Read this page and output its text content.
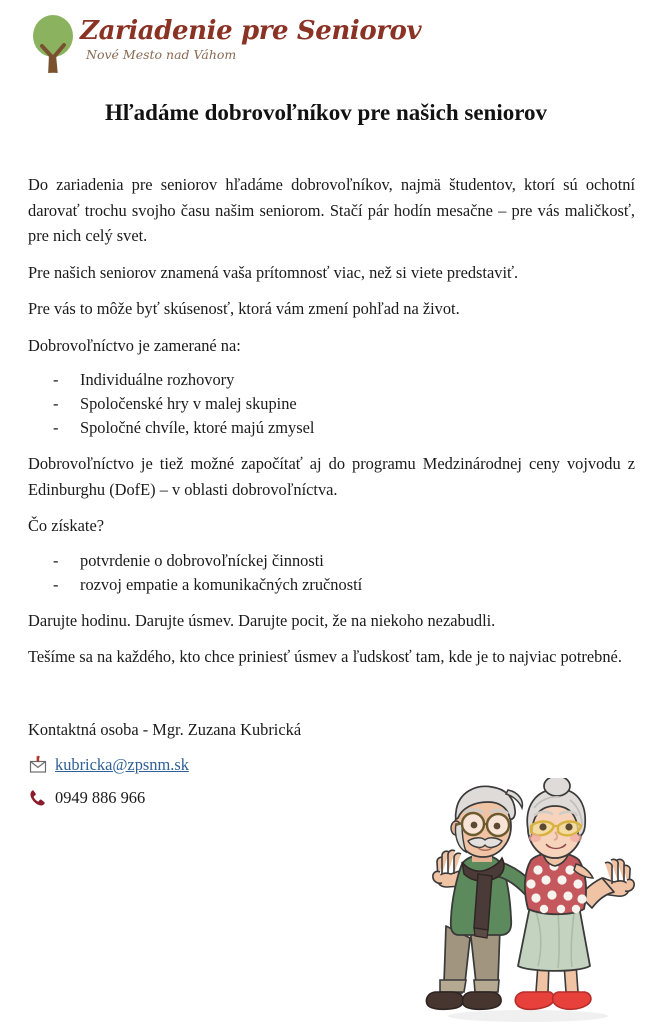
Zariadenie pre Seniorov
Nové Mesto nad Váhom
Hľadáme dobrovoľníkov pre našich seniorov

Do zariadenia pre seniorov hľadáme dobrovoľníkov, najmä študentov, ktorí sú ochotní darovať trochu svojho času našim seniorom. Stačí pár hodín mesačne – pre vás maličkosť, pre nich celý svet.

Pre našich seniorov znamená vaša prítomnosť viac, než si viete predstaviť.

Pre vás to môže byť skúsenosť, ktorá vám zmení pohľad na život.

Dobrovoľníctvo je zamerané na:

- Individuálne rozhovory
- Spoločenské hry v malej skupine
- Spoločné chvíle, ktoré majú zmysel

Dobrovoľníctvo je tiež možné započítať aj do programu Medzinárodnej ceny vojvodu z Edinburghu (DofE) – v oblasti dobrovoľníctva.

Čo získate?

- potvrdenie o dobrovoľníckej činnosti
- rozvoj empatie a komunikačných zručností

Darujte hodinu. Darujte úsmev. Darujte pocit, že na niekoho nezabudli.

Tešíme sa na každého, kto chce priniesť úsmev a ľudskosť tam, kde je to najviac potrebné.

Kontaktná osoba - Mgr. Zuzana Kubrická
kubricka@zpsnm.sk
0949 886 966
